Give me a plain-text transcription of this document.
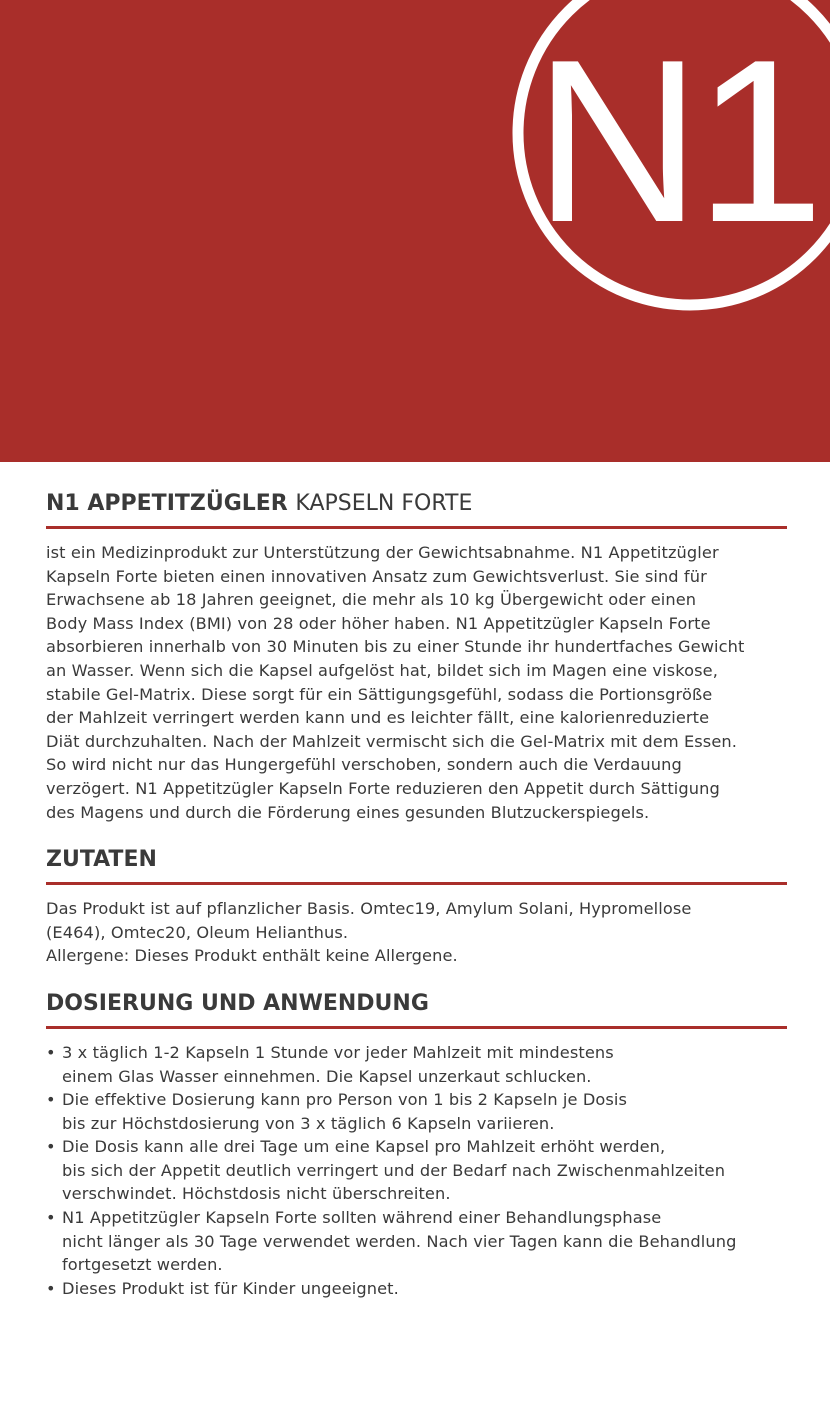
N1
N1 APPETITZÜGLER KAPSELN FORTE
ist ein Medizinprodukt zur Unterstützung der Gewichtsabnahme. N1 Appetitzügler
Kapseln Forte bieten einen innovativen Ansatz zum Gewichtsverlust. Sie sind für
Erwachsene ab 18 Jahren geeignet, die mehr als 10 kg Übergewicht oder einen
Body Mass Index (BMI) von 28 oder höher haben. N1 Appetitzügler Kapseln Forte
absorbieren innerhalb von 30 Minuten bis zu einer Stunde ihr hundertfaches Gewicht
an Wasser. Wenn sich die Kapsel aufgelöst hat, bildet sich im Magen eine viskose,
stabile Gel-Matrix. Diese sorgt für ein Sättigungsgefühl, sodass die Portionsgröße
der Mahlzeit verringert werden kann und es leichter fällt, eine kalorienreduzierte
Diät durchzuhalten. Nach der Mahlzeit vermischt sich die Gel-Matrix mit dem Essen.
So wird nicht nur das Hungergefühl verschoben, sondern auch die Verdauung
verzögert. N1 Appetitzügler Kapseln Forte reduzieren den Appetit durch Sättigung
des Magens und durch die Förderung eines gesunden Blutzuckerspiegels.
ZUTATEN
Das Produkt ist auf pflanzlicher Basis. Omtec19, Amylum Solani, Hypromellose
(E464), Omtec20, Oleum Helianthus.
Allergene: Dieses Produkt enthält keine Allergene.
DOSIERUNG UND ANWENDUNG
• 3 x täglich 1-2 Kapseln 1 Stunde vor jeder Mahlzeit mit mindestens
einem Glas Wasser einnehmen. Die Kapsel unzerkaut schlucken.
• Die effektive Dosierung kann pro Person von 1 bis 2 Kapseln je Dosis
bis zur Höchstdosierung von 3 x täglich 6 Kapseln variieren.
• Die Dosis kann alle drei Tage um eine Kapsel pro Mahlzeit erhöht werden,
bis sich der Appetit deutlich verringert und der Bedarf nach Zwischenmahlzeiten
verschwindet. Höchstdosis nicht überschreiten.
• N1 Appetitzügler Kapseln Forte sollten während einer Behandlungsphase
nicht länger als 30 Tage verwendet werden. Nach vier Tagen kann die Behandlung
fortgesetzt werden.
• Dieses Produkt ist für Kinder ungeeignet.
